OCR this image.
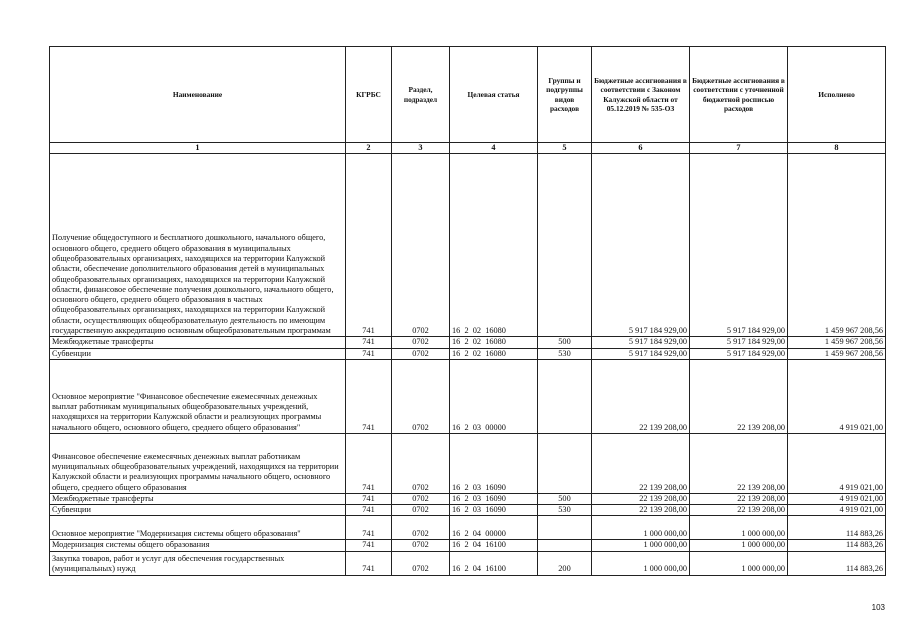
Наименование	КГРБС	Раздел, подраздел	Целевая статья	Группы и подгруппы видов расходов	Бюджетные ассигнования в соответствии с Законом Калужской области от 05.12.2019 № 535-ОЗ	Бюджетные ассигнования в соответствии с уточненной бюджетной росписью расходов	Исполнено
1	2	3	4	5	6	7	8
Получение общедоступного и бесплатного дошкольного, начального общего, основного общего, среднего общего образования в муниципальных общеобразовательных организациях, находящихся на территории Калужской области, обеспечение дополнительного образования детей в муниципальных общеобразовательных организациях, находящихся на территории Калужской области, финансовое обеспечение получения дошкольного, начального общего, основного общего, среднего общего образования в частных общеобразовательных организациях, находящихся на территории Калужской области, осуществляющих общеобразовательную деятельность по имеющим государственную аккредитацию основным общеобразовательным программам	741	0702	16  2  02  16080		5 917 184 929,00	5 917 184 929,00	1 459 967 208,56
Межбюджетные трансферты	741	0702	16  2  02  16080	500	5 917 184 929,00	5 917 184 929,00	1 459 967 208,56
Субвенции	741	0702	16  2  02  16080	530	5 917 184 929,00	5 917 184 929,00	1 459 967 208,56
Основное мероприятие "Финансовое обеспечение ежемесячных денежных выплат работникам муниципальных общеобразовательных учреждений, находящихся на территории Калужской области и реализующих программы начального общего, основного общего, среднего общего образования"	741	0702	16  2  03  00000		22 139 208,00	22 139 208,00	4 919 021,00
Финансовое обеспечение ежемесячных денежных выплат работникам муниципальных общеобразовательных учреждений, находящихся на территории Калужской области и реализующих программы начального общего, основного общего, среднего общего образования	741	0702	16  2  03  16090		22 139 208,00	22 139 208,00	4 919 021,00
Межбюджетные трансферты	741	0702	16  2  03  16090	500	22 139 208,00	22 139 208,00	4 919 021,00
Субвенции	741	0702	16  2  03  16090	530	22 139 208,00	22 139 208,00	4 919 021,00
Основное мероприятие "Модернизация системы общего образования"	741	0702	16  2  04  00000		1 000 000,00	1 000 000,00	114 883,26
Модернизация системы общего образования	741	0702	16  2  04  16100		1 000 000,00	1 000 000,00	114 883,26
Закупка товаров, работ и услуг для обеспечения государственных (муниципальных) нужд	741	0702	16  2  04  16100	200	1 000 000,00	1 000 000,00	114 883,26
103
